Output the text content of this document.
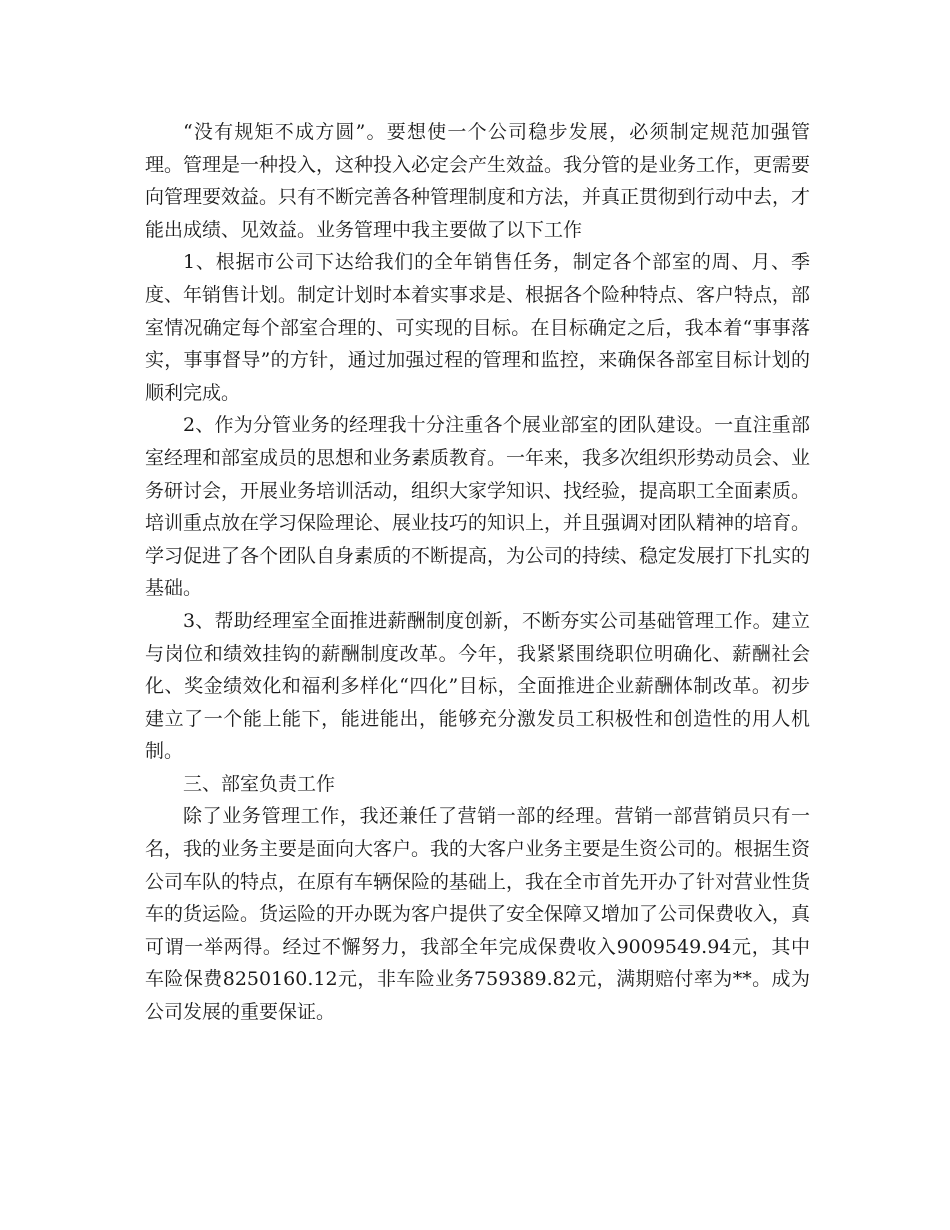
“没有规矩不成方圆”。要想使一个公司稳步发展，必须制定规范加强管理。管理是一种投入，这种投入必定会产生效益。我分管的是业务工作，更需要向管理要效益。只有不断完善各种管理制度和方法，并真正贯彻到行动中去，才能出成绩、见效益。业务管理中我主要做了以下工作

1、根据市公司下达给我们的全年销售任务，制定各个部室的周、月、季度、年销售计划。制定计划时本着实事求是、根据各个险种特点、客户特点，部室情况确定每个部室合理的、可实现的目标。在目标确定之后，我本着“事事落实，事事督导”的方针，通过加强过程的管理和监控，来确保各部室目标计划的顺利完成。

2、作为分管业务的经理我十分注重各个展业部室的团队建设。一直注重部室经理和部室成员的思想和业务素质教育。一年来，我多次组织形势动员会、业务研讨会，开展业务培训活动，组织大家学知识、找经验，提高职工全面素质。培训重点放在学习保险理论、展业技巧的知识上，并且强调对团队精神的培育。学习促进了各个团队自身素质的不断提高，为公司的持续、稳定发展打下扎实的基础。

3、帮助经理室全面推进薪酬制度创新，不断夯实公司基础管理工作。建立与岗位和绩效挂钩的薪酬制度改革。今年，我紧紧围绕职位明确化、薪酬社会化、奖金绩效化和福利多样化“四化”目标，全面推进企业薪酬体制改革。初步建立了一个能上能下，能进能出，能够充分激发员工积极性和创造性的用人机制。

三、部室负责工作

除了业务管理工作，我还兼任了营销一部的经理。营销一部营销员只有一名，我的业务主要是面向大客户。我的大客户业务主要是生资公司的。根据生资公司车队的特点，在原有车辆保险的基础上，我在全市首先开办了针对营业性货车的货运险。货运险的开办既为客户提供了安全保障又增加了公司保费收入，真可谓一举两得。经过不懈努力，我部全年完成保费收入9009549.94元，其中车险保费8250160.12元，非车险业务759389.82元，满期赔付率为**。成为公司发展的重要保证。
